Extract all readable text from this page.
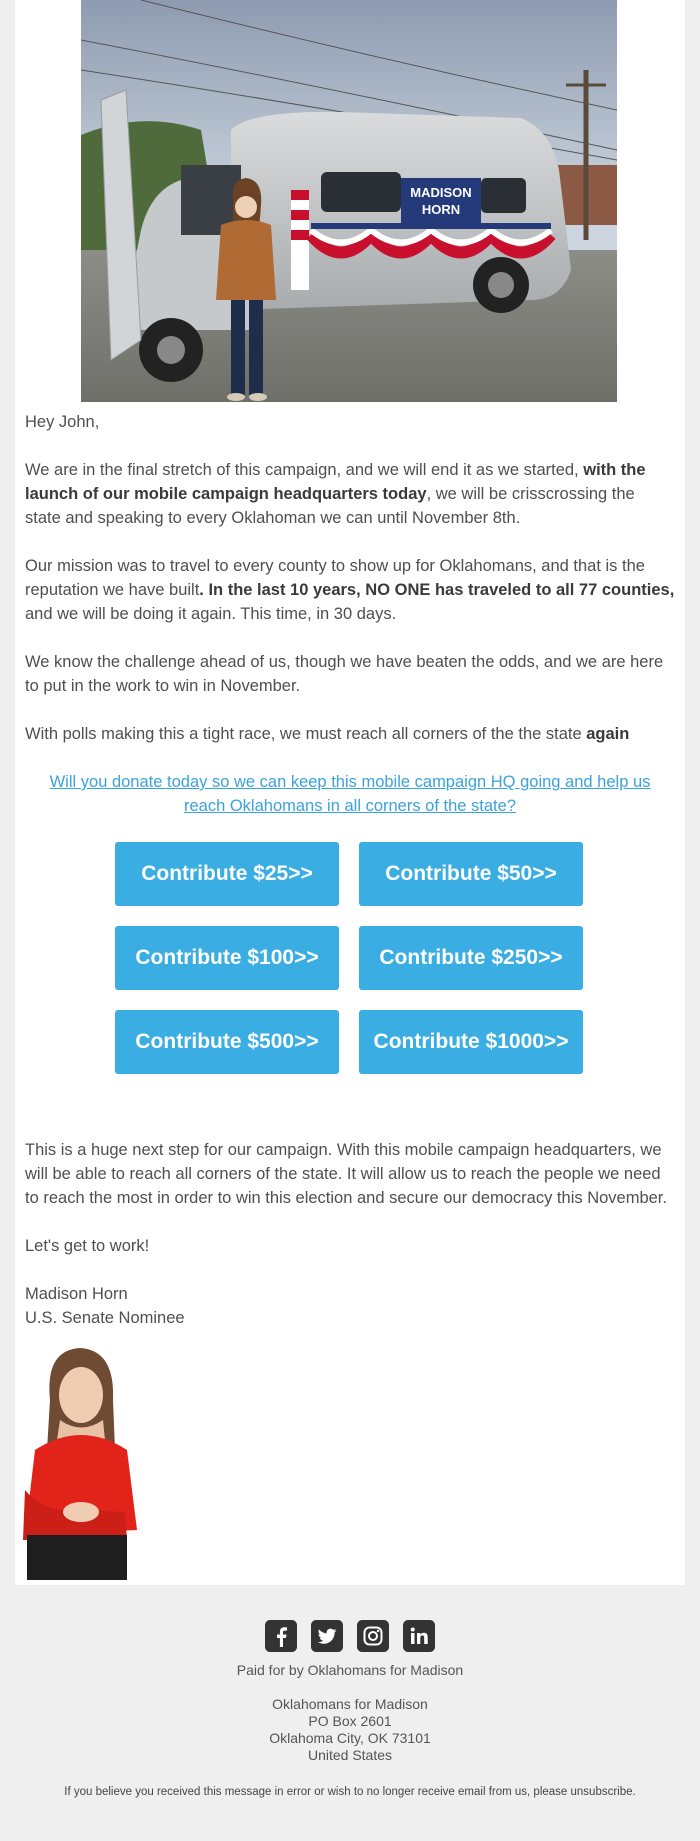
MADISON
HORN

Hey John,

We are in the final stretch of this campaign, and we will end it as we started, with the launch of our mobile campaign headquarters today, we will be crisscrossing the state and speaking to every Oklahoman we can until November 8th.

Our mission was to travel to every county to show up for Oklahomans, and that is the reputation we have built. In the last 10 years, NO ONE has traveled to all 77 counties, and we will be doing it again. This time, in 30 days.

We know the challenge ahead of us, though we have beaten the odds, and we are here to put in the work to win in November.

With polls making this a tight race, we must reach all corners of the the state again

Will you donate today so we can keep this mobile campaign HQ going and help us reach Oklahomans in all corners of the state?

Contribute $25>>	Contribute $50>>
Contribute $100>>	Contribute $250>>
Contribute $500>>	Contribute $1000>>

This is a huge next step for our campaign. With this mobile campaign headquarters, we will be able to reach all corners of the state. It will allow us to reach the people we need to reach the most in order to win this election and secure our democracy this November.

Let's get to work!

Madison Horn
U.S. Senate Nominee
Paid for by Oklahomans for Madison
Oklahomans for Madison
PO Box 2601
Oklahoma City, OK 73101
United States
If you believe you received this message in error or wish to no longer receive email from us, please unsubscribe.
